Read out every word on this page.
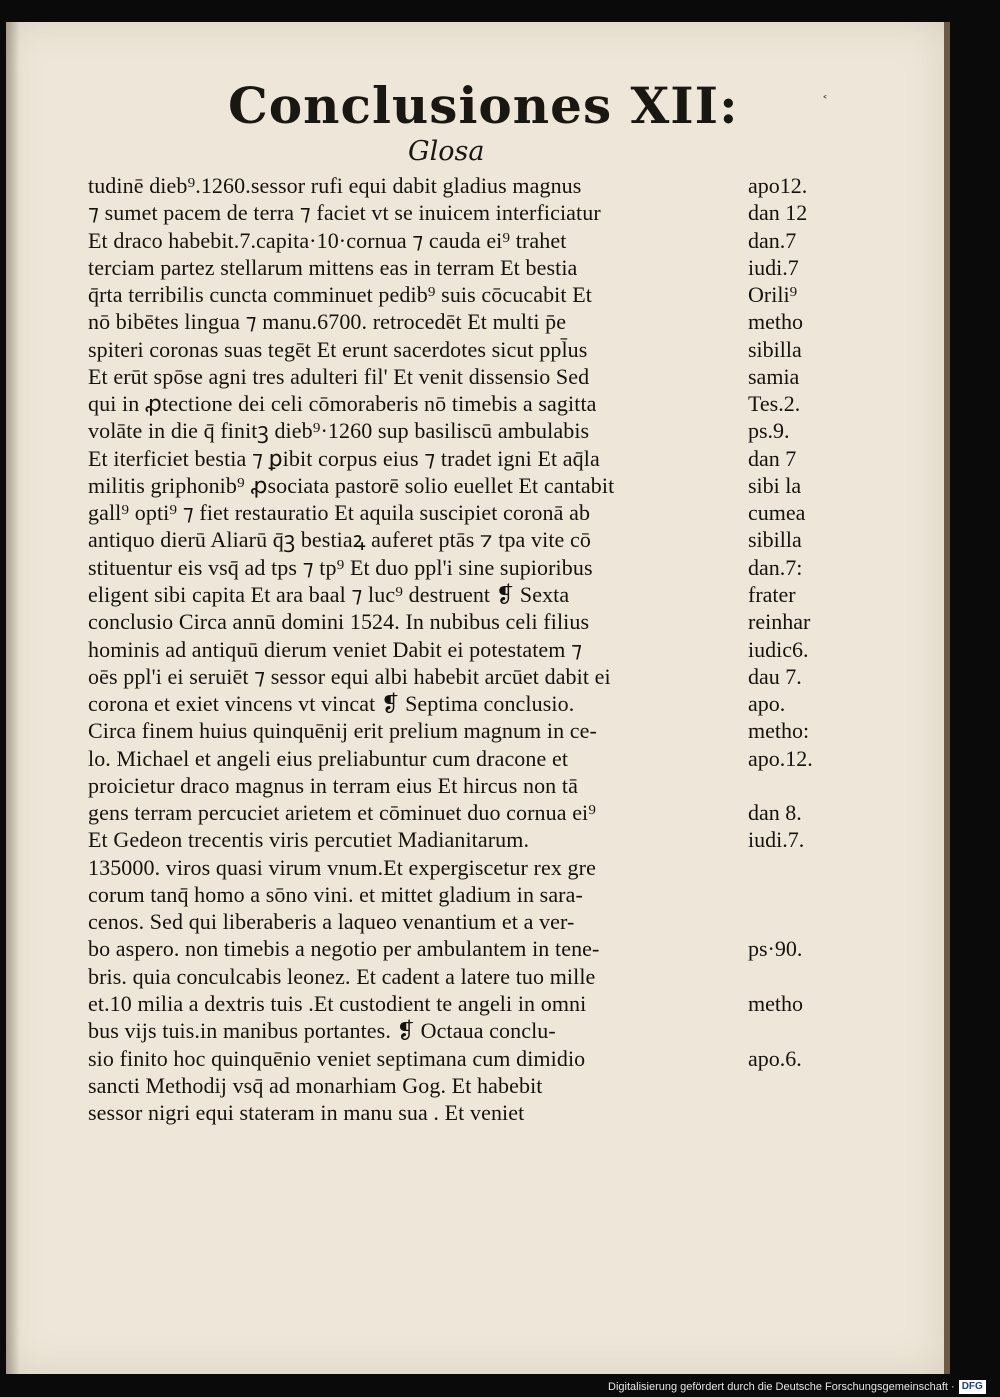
Conclusiones XII:	˂
Glosa
tudinē dieb⁹.1260.sessor rufi equi dabit gladius magnus
⁊ sumet pacem de terra ⁊ faciet vt se inuicem interficiatur
Et draco habebit.7.capita·10·cornua ⁊ cauda ei⁹ trahet
terciam partez stellarum mittens eas in terram Et bestia
q̄rta terribilis cuncta comminuet pedib⁹ suis cōcucabit Et
nō bibētes lingua ⁊ manu.6700. retrocedēt Et multi p̄e
spiteri coronas suas tegēt Et erunt sacerdotes sicut ppl̄us
Et erūt spōse agni tres adulteri fil' Et venit dissensio Sed
qui in ꝓtectione dei celi cōmoraberis nō timebis a sagitta
volāte in die q̄ finitꝫ dieb⁹·1260 sup basiliscū ambulabis
Et iterficiet bestia ⁊ ꝑibit corpus eius ⁊ tradet igni Et aq̄la
militis griphonib⁹ ꝓsociata pastorē solio euellet Et cantabit
gall⁹ opti⁹ ⁊ fiet restauratio Et aquila suscipiet coronā ab
antiquo dierū Aliarū q̄ꝫ bestiaꝝ auferet ptās ⁊ tpa vite cō
stituentur eis vsq̄ ad tps ⁊ tp⁹ Et duo ppl'i sine supioribus
eligent sibi capita Et ara baal ⁊ luc⁹ destruent ❡ Sexta
conclusio Circa annū domini 1524. In nubibus celi filius
hominis ad antiquū dierum veniet Dabit ei potestatem ⁊
oēs ppl'i ei seruiēt ⁊ sessor equi albi habebit arcūet dabit ei
corona et exiet vincens vt vincat ❡ Septima conclusio.
Circa finem huius quinquēnij erit prelium magnum in ce-
lo. Michael et angeli eius preliabuntur cum dracone et
proicietur draco magnus in terram eius Et hircus non tā
gens terram percuciet arietem et cōminuet duo cornua ei⁹
Et Gedeon trecentis viris percutiet Madianitarum.
135000. viros quasi virum vnum.Et expergiscetur rex gre
corum tanq̄ homo a sōno vini. et mittet gladium in sara-
cenos. Sed qui liberaberis a laqueo venantium et a ver-
bo aspero. non timebis a negotio per ambulantem in tene-
bris. quia conculcabis leonez. Et cadent a latere tuo mille
et.10 milia a dextris tuis .Et custodient te angeli in omni
bus vijs tuis.in manibus portantes. ❡ Octaua conclu-
sio finito hoc quinquēnio veniet septimana cum dimidio
sancti Methodij vsq̄ ad monarhiam Gog. Et habebit
sessor nigri equi stateram in manu sua . Et veniet
apo12.
dan 12
dan.7
iudi.7
Orili⁹
metho
sibilla
samia
Tes.2.
ps.9.
dan 7
sibi la
cumea
sibilla
dan.7:
frater
reinhar
iudic6.
dau 7.
apo.
metho:
apo.12.
dan 8.
iudi.7.
ps·90.
metho
apo.6.
Digitalisierung gefördert durch die Deutsche Forschungsgemeinschaft · DFG
